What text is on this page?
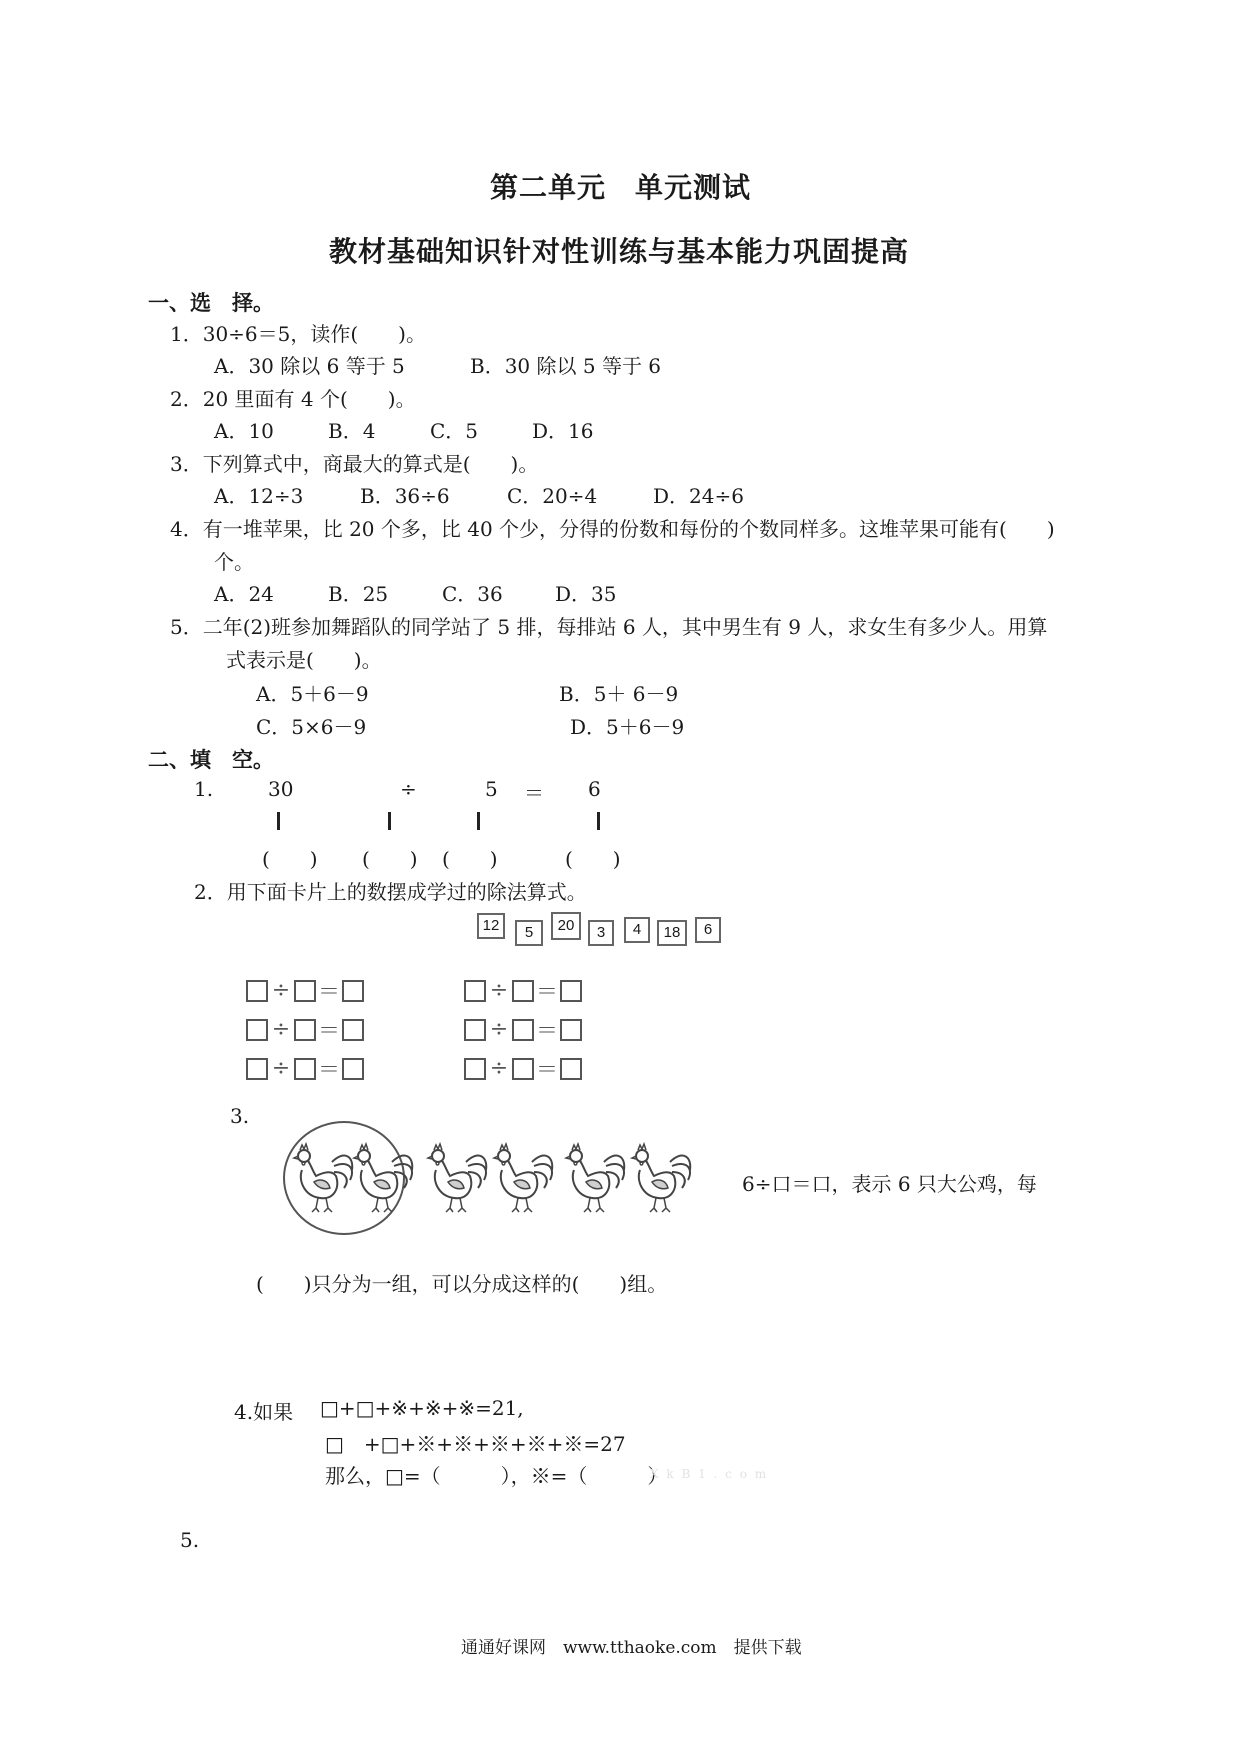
第二单元　单元测试
教材基础知识针对性训练与基本能力巩固提高
一、选　择。
1．30÷6＝5，读作(　　)。
A．30 除以 6 等于 5	B．30 除以 5 等于 6
2．20 里面有 4 个(　　)。
A．10	B．4	C．5	D．16
3．下列算式中，商最大的算式是(　　)。
A．12÷3	B．36÷6	C．20÷4	D．24÷6
4．有一堆苹果，比 20 个多，比 40 个少，分得的份数和每份的个数同样多。这堆苹果可能有(　　)
个。
A．24	B．25	C．36	D．35
5．二年(2)班参加舞蹈队的同学站了 5 排，每排站 6 人，其中男生有 9 人，求女生有多少人。用算
式表示是(　　)。
A．5＋6－9	B．5＋ 6－9
C．5×6－9	D．5＋6－9
二、填　空。
1.	30	÷	5 ＝ 6
(　　) (　　) (　　)	(　　)
2．用下面卡片上的数摆成学过的除法算式。
12	5	20	3	4	18	6
÷ ＝	÷ ＝
÷ ＝	÷ ＝
÷ ＝	÷ ＝
3.
6÷口＝口，表示 6 只大公鸡，每
(　　)只分为一组，可以分成这样的(　　)组。
4.如果 □+□+※+※+※=21,
□　+□+※+※+※+※+※=27
那么，□=（　　　），※=（　　　）
X k B 1 . c o m
5.
通通好课网　www.tthaoke.com　提供下载
